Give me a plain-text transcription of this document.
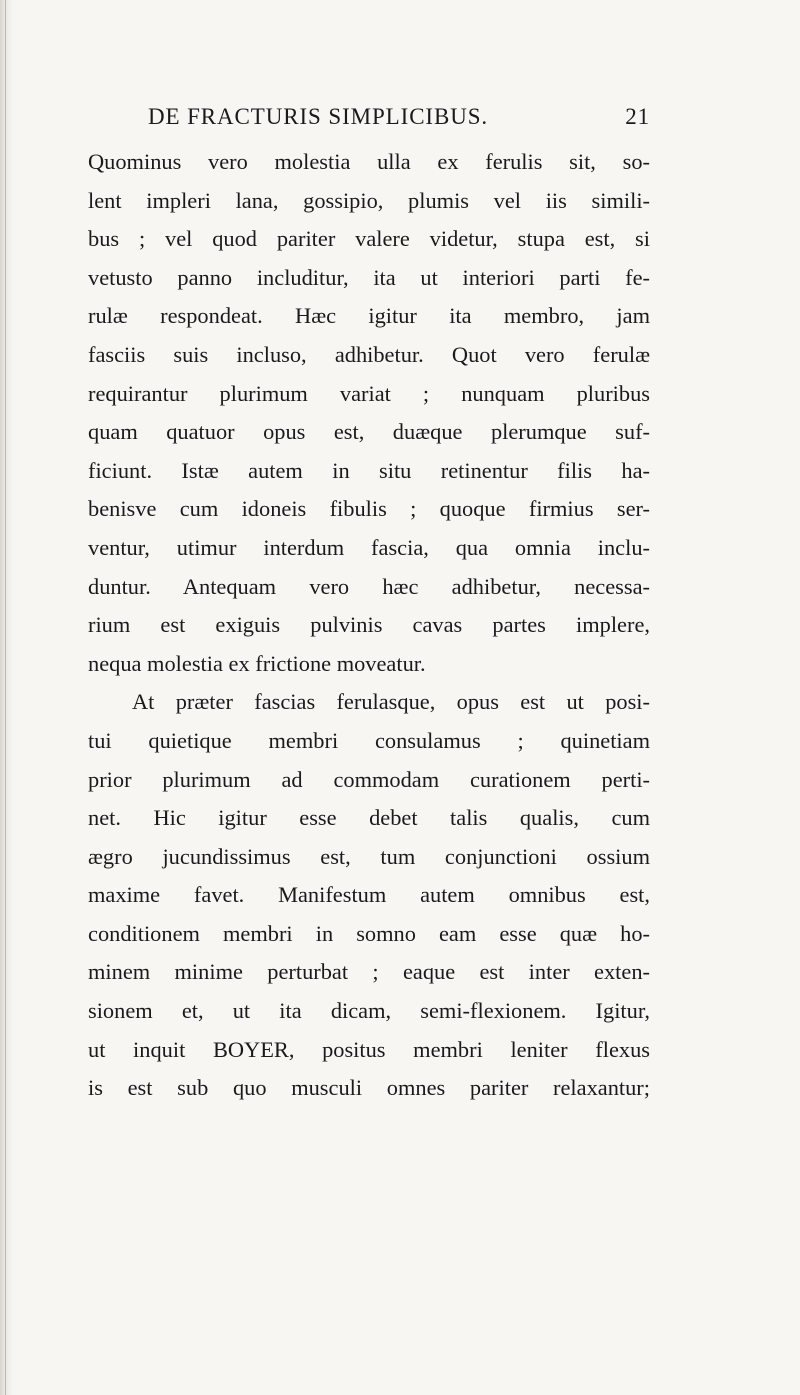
DE FRACTURIS SIMPLICIBUS.	21
Quominus vero molestia ulla ex ferulis sit, so-
lent impleri lana, gossipio, plumis vel iis simili-
bus ; vel quod pariter valere videtur, stupa est, si
vetusto panno includitur, ita ut interiori parti fe-
rulæ respondeat. Hæc igitur ita membro, jam
fasciis suis incluso, adhibetur. Quot vero ferulæ
requirantur plurimum variat ; nunquam pluribus
quam quatuor opus est, duæque plerumque suf-
ficiunt. Istæ autem in situ retinentur filis ha-
benisve cum idoneis fibulis ; quoque firmius ser-
ventur, utimur interdum fascia, qua omnia inclu-
duntur. Antequam vero hæc adhibetur, necessa-
rium est exiguis pulvinis cavas partes implere,
nequa molestia ex frictione moveatur.
At præter fascias ferulasque, opus est ut posi-
tui quietique membri consulamus ; quinetiam
prior plurimum ad commodam curationem perti-
net. Hic igitur esse debet talis qualis, cum
ægro jucundissimus est, tum conjunctioni ossium
maxime favet. Manifestum autem omnibus est,
conditionem membri in somno eam esse quæ ho-
minem minime perturbat ; eaque est inter exten-
sionem et, ut ita dicam, semi-flexionem. Igitur,
ut inquit BOYER, positus membri leniter flexus
is est sub quo musculi omnes pariter relaxantur;
